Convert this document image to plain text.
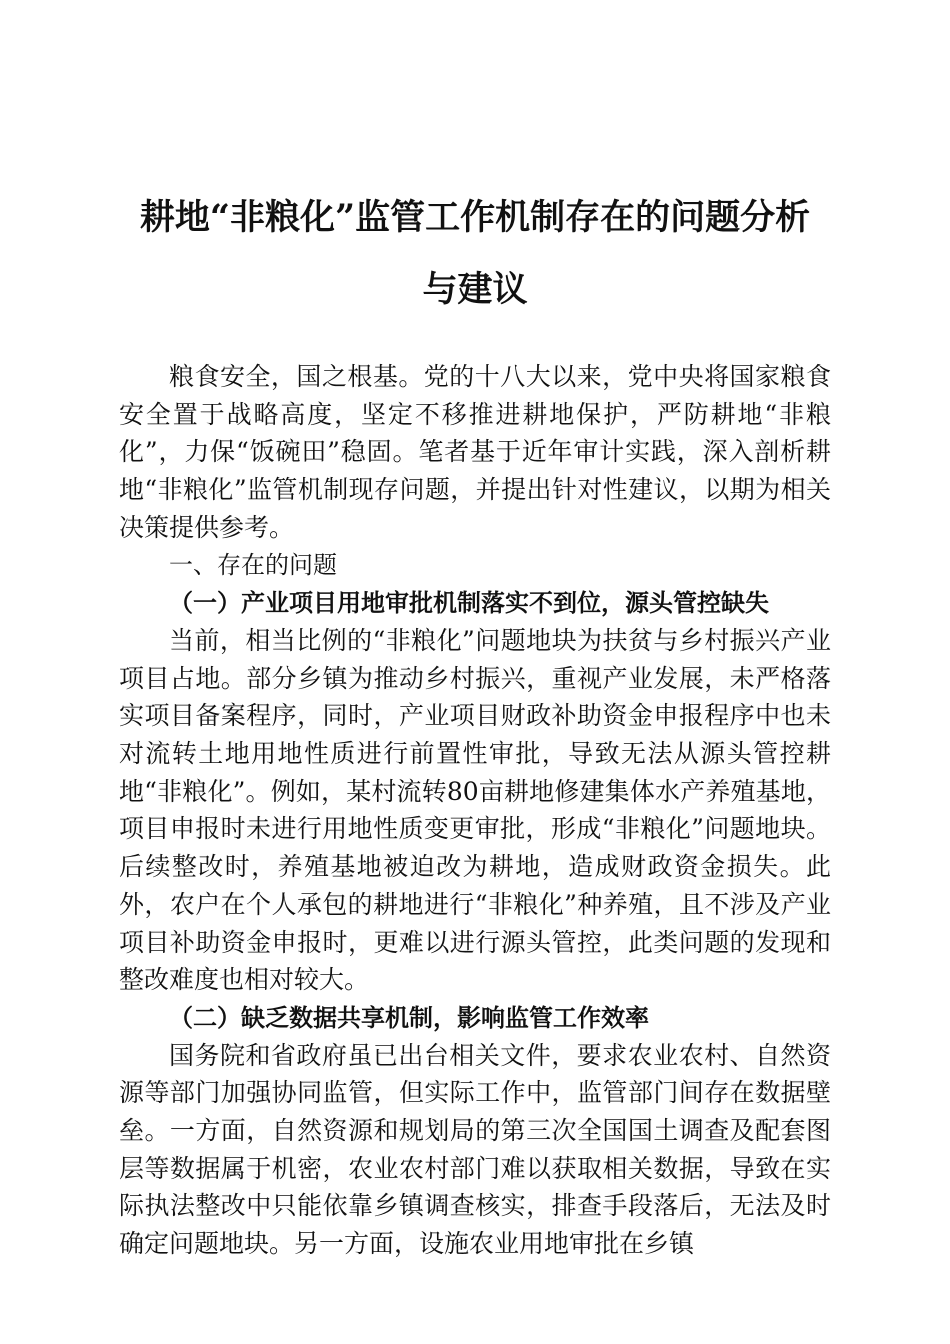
耕地“非粮化”监管工作机制存在的问题分析
与建议

粮食安全，国之根基。党的十八大以来，党中央将国家粮食安全置于战略高度，坚定不移推进耕地保护，严防耕地“非粮化”，力保“饭碗田”稳固。笔者基于近年审计实践，深入剖析耕地“非粮化”监管机制现存问题，并提出针对性建议，以期为相关决策提供参考。

一、存在的问题

（一）产业项目用地审批机制落实不到位，源头管控缺失

当前，相当比例的“非粮化”问题地块为扶贫与乡村振兴产业项目占地。部分乡镇为推动乡村振兴，重视产业发展，未严格落实项目备案程序，同时，产业项目财政补助资金申报程序中也未对流转土地用地性质进行前置性审批，导致无法从源头管控耕地“非粮化”。例如，某村流转80亩耕地修建集体水产养殖基地，项目申报时未进行用地性质变更审批，形成“非粮化”问题地块。后续整改时，养殖基地被迫改为耕地，造成财政资金损失。此外，农户在个人承包的耕地进行“非粮化”种养殖，且不涉及产业项目补助资金申报时，更难以进行源头管控，此类问题的发现和整改难度也相对较大。

（二）缺乏数据共享机制，影响监管工作效率

国务院和省政府虽已出台相关文件，要求农业农村、自然资源等部门加强协同监管，但实际工作中，监管部门间存在数据壁垒。一方面，自然资源和规划局的第三次全国国土调查及配套图层等数据属于机密，农业农村部门难以获取相关数据，导致在实际执法整改中只能依靠乡镇调查核实，排查手段落后，无法及时确定问题地块。另一方面，设施农业用地审批在乡镇
